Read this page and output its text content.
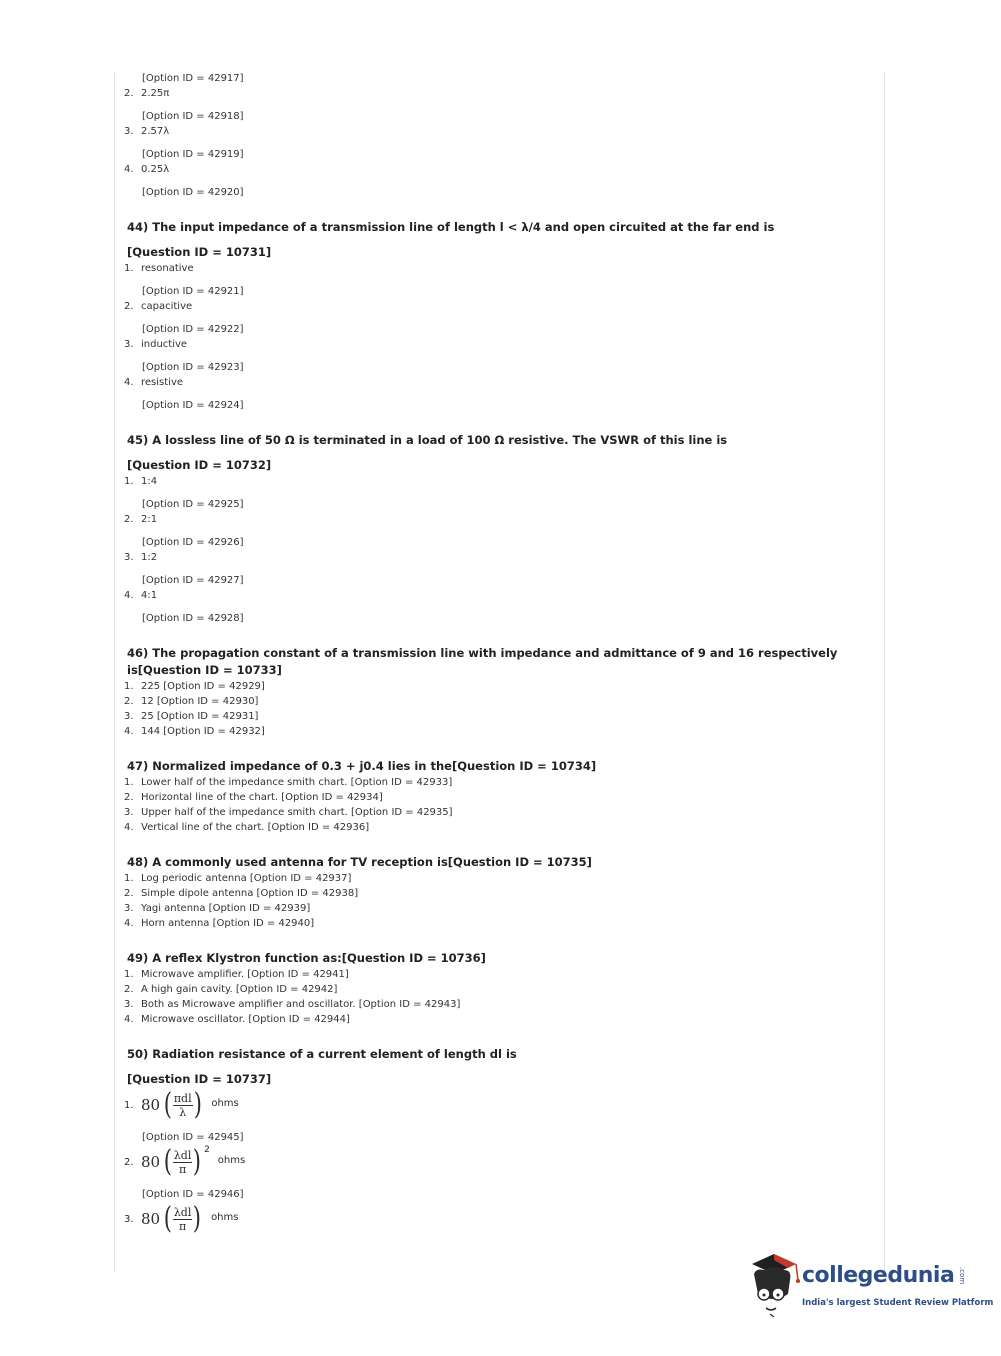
[Option ID = 42917]

2. 2.25π

[Option ID = 42918]

3. 2.57λ

[Option ID = 42919]

4. 0.25λ

[Option ID = 42920]

44) The input impedance of a transmission line of length l < λ/4 and open circuited at the far end is

[Question ID = 10731]

1. resonative

[Option ID = 42921]

2. capacitive

[Option ID = 42922]

3. inductive

[Option ID = 42923]

4. resistive

[Option ID = 42924]

45) A lossless line of 50 Ω is terminated in a load of 100 Ω resistive. The VSWR of this line is

[Question ID = 10732]

1. 1:4

[Option ID = 42925]

2. 2:1

[Option ID = 42926]

3. 1:2

[Option ID = 42927]

4. 4:1

[Option ID = 42928]

46) The propagation constant of a transmission line with impedance and admittance of 9 and 16 respectively is[Question ID = 10733]

1. 225 [Option ID = 42929]

2. 12 [Option ID = 42930]

3. 25 [Option ID = 42931]

4. 144 [Option ID = 42932]

47) Normalized impedance of 0.3 + j0.4 lies in the[Question ID = 10734]

1. Lower half of the impedance smith chart. [Option ID = 42933]

2. Horizontal line of the chart. [Option ID = 42934]

3. Upper half of the impedance smith chart. [Option ID = 42935]

4. Vertical line of the chart. [Option ID = 42936]

48) A commonly used antenna for TV reception is[Question ID = 10735]

1. Log periodic antenna [Option ID = 42937]

2. Simple dipole antenna [Option ID = 42938]

3. Yagi antenna [Option ID = 42939]

4. Horn antenna [Option ID = 42940]

49) A reflex Klystron function as:[Question ID = 10736]

1. Microwave amplifier. [Option ID = 42941]

2. A high gain cavity. [Option ID = 42942]

3. Both as Microwave amplifier and oscillator. [Option ID = 42943]

4. Microwave oscillator. [Option ID = 42944]

50) Radiation resistance of a current element of length dl is

[Question ID = 10737]

1. 80 ( $\frac{\text{πdl}}{\lambda}$ ) ohms

[Option ID = 42945]

2. 80 ( $\frac{\text{λdl}}{\pi}$ ) 2
ohms

[Option ID = 42946]

3. 80 ( $\frac{\text{λdl}}{\pi}$ ) ohms
collegedunia .com
India's largest Student Review Platform
